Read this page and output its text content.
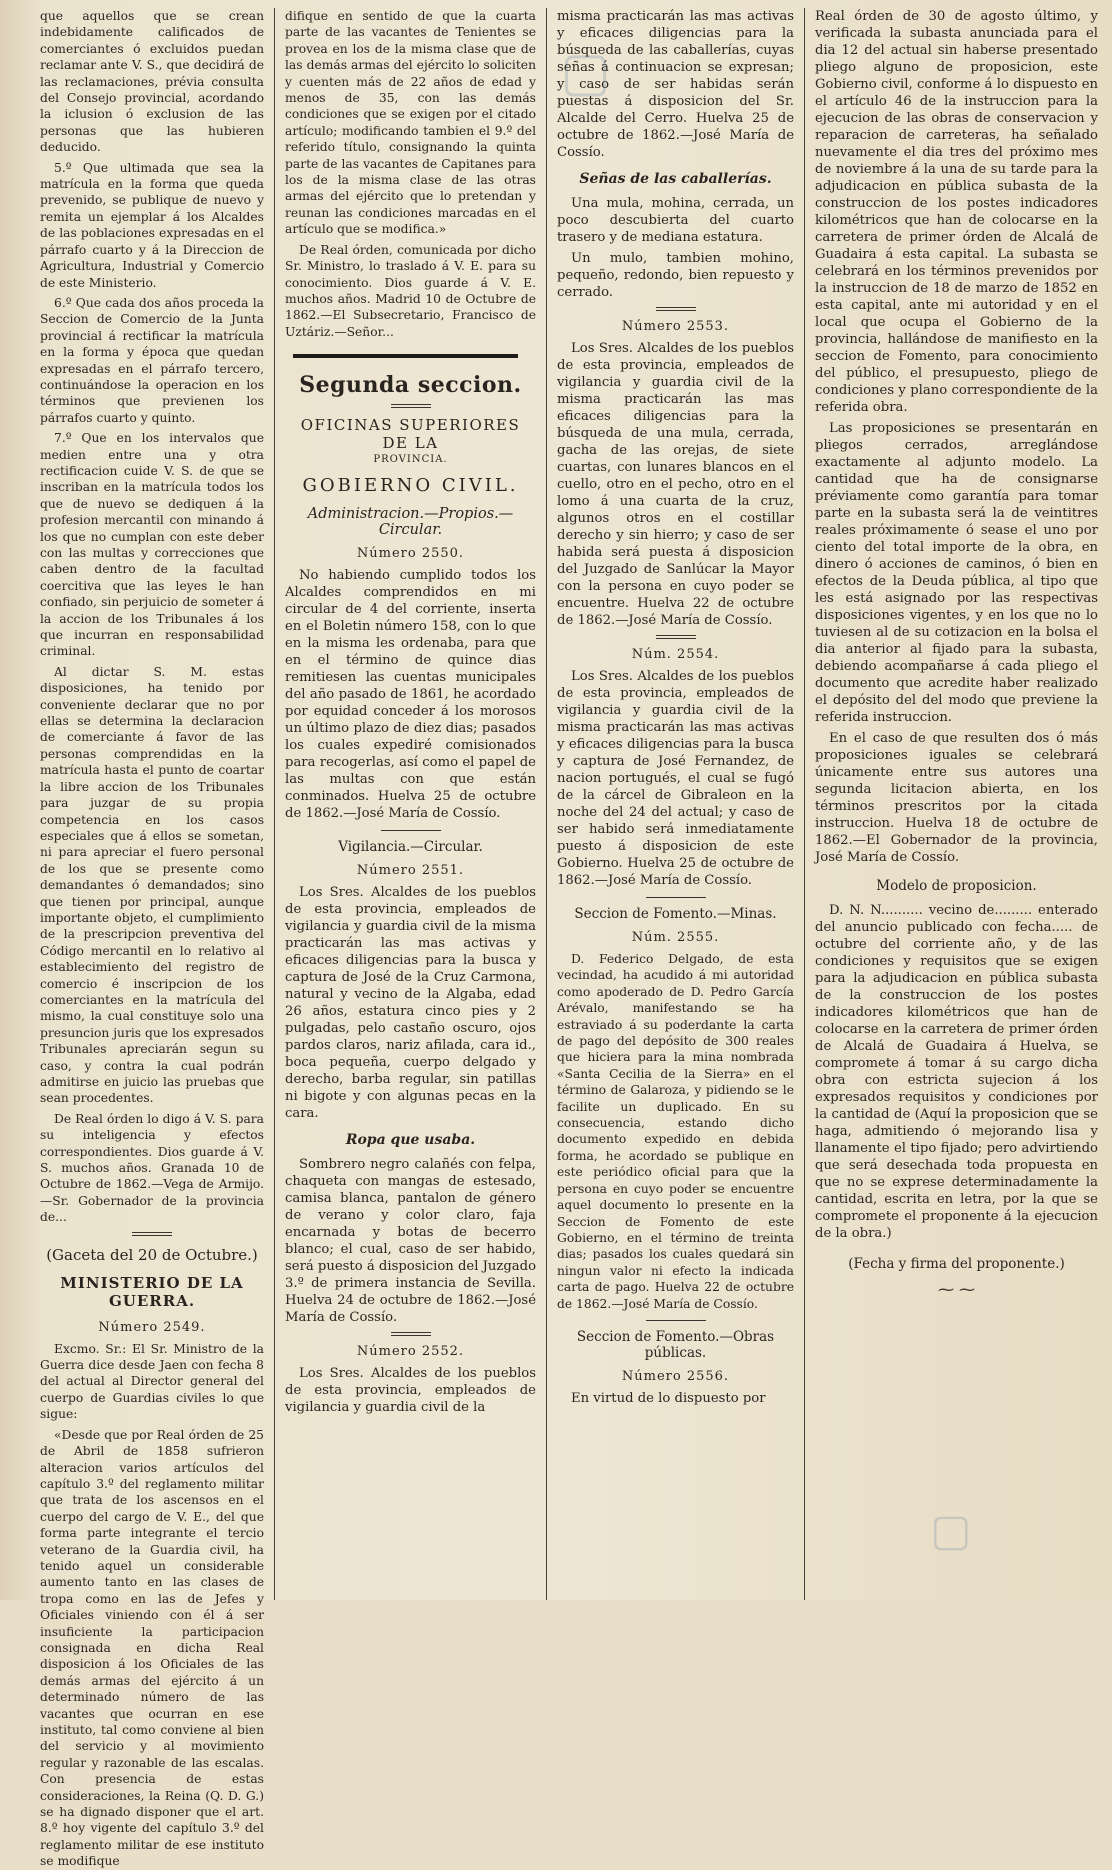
▢
▢

que aquellos que se crean indebidamente calificados de comerciantes ó excluidos puedan reclamar ante V. S., que decidirá de las reclamaciones, prévia consulta del Consejo provincial, acordando la iclusion ó exclusion de las personas que las hubieren deducido.

5.º Que ultimada que sea la matrícula en la forma que queda prevenido, se publique de nuevo y remita un ejemplar á los Alcaldes de las poblaciones expresadas en el párrafo cuarto y á la Direccion de Agricultura, Industrial y Comercio de este Ministerio.

6.º Que cada dos años proceda la Seccion de Comercio de la Junta provincial á rectificar la matrícula en la forma y época que quedan expresadas en el párrafo tercero, continuándose la operacion en los términos que previenen los párrafos cuarto y quinto.

7.º Que en los intervalos que medien entre una y otra rectificacion cuide V. S. de que se inscriban en la matrícula todos los que de nuevo se dediquen á la profesion mercantil con minando á los que no cumplan con este deber con las multas y correcciones que caben dentro de la facultad coercitiva que las leyes le han confiado, sin perjuicio de someter á la accion de los Tribunales á los que incurran en responsabilidad criminal.

Al dictar S. M. estas disposiciones, ha tenido por conveniente declarar que no por ellas se determina la declaracion de comerciante á favor de las personas comprendidas en la matrícula hasta el punto de coartar la libre accion de los Tribunales para juzgar de su propia competencia en los casos especiales que á ellos se sometan, ni para apreciar el fuero personal de los que se presente como demandantes ó demandados; sino que tienen por principal, aunque importante objeto, el cumplimiento de la prescripcion preventiva del Código mercantil en lo relativo al establecimiento del registro de comercio é inscripcion de los comerciantes en la matrícula del mismo, la cual constituye solo una presuncion juris que los expresados Tribunales apreciarán segun su caso, y contra la cual podrán admitirse en juicio las pruebas que sean procedentes.

De Real órden lo digo á V. S. para su inteligencia y efectos correspondientes. Dios guarde á V. S. muchos años. Granada 10 de Octubre de 1862.—Vega de Armijo.—Sr. Gobernador de la provincia de...

(Gaceta del 20 de Octubre.)
MINISTERIO DE LA GUERRA.
Número 2549.

Excmo. Sr.: El Sr. Ministro de la Guerra dice desde Jaen con fecha 8 del actual al Director general del cuerpo de Guardias civiles lo que sigue:

«Desde que por Real órden de 25 de Abril de 1858 sufrieron alteracion varios artículos del capítulo 3.º del reglamento militar que trata de los ascensos en el cuerpo del cargo de V. E., del que forma parte integrante el tercio veterano de la Guardia civil, ha tenido aquel un considerable aumento tanto en las clases de tropa como en las de Jefes y Oficiales viniendo con él á ser insuficiente la participacion consignada en dicha Real disposicion á los Oficiales de las demás armas del ejército á un determinado número de las vacantes que ocurran en ese instituto, tal como conviene al bien del servicio y al movimiento regular y razonable de las escalas. Con presencia de estas consideraciones, la Reina (Q. D. G.) se ha dignado disponer que el art. 8.º hoy vigente del capítulo 3.º del reglamento militar de ese instituto se modifique

difique en sentido de que la cuarta parte de las vacantes de Tenientes se provea en los de la misma clase que de las demás armas del ejército lo soliciten y cuenten más de 22 años de edad y menos de 35, con las demás condiciones que se exigen por el citado artículo; modificando tambien el 9.º del referido título, consignando la quinta parte de las vacantes de Capitanes para los de la misma clase de las otras armas del ejército que lo pretendan y reunan las condiciones marcadas en el artículo que se modifica.»

De Real órden, comunicada por dicho Sr. Ministro, lo traslado á V. E. para su conocimiento. Dios guarde á V. E. muchos años. Madrid 10 de Octubre de 1862.—El Subsecretario, Francisco de Uztáriz.—Señor...

Segunda seccion.
OFICINAS SUPERIORES DE LA
PROVINCIA.
GOBIERNO CIVIL.
Administracion.—Propios.—Circular.
Número 2550.

No habiendo cumplido todos los Alcaldes comprendidos en mi circular de 4 del corriente, inserta en el Boletin número 158, con lo que en la misma les ordenaba, para que en el término de quince dias remitiesen las cuentas municipales del año pasado de 1861, he acordado por equidad conceder á los morosos un último plazo de diez dias; pasados los cuales expediré comisionados para recogerlas, así como el papel de las multas con que están conminados. Huelva 25 de octubre de 1862.—José María de Cossío.

Vigilancia.—Circular.
Número 2551.

Los Sres. Alcaldes de los pueblos de esta provincia, empleados de vigilancia y guardia civil de la misma practicarán las mas activas y eficaces diligencias para la busca y captura de José de la Cruz Carmona, natural y vecino de la Algaba, edad 26 años, estatura cinco pies y 2 pulgadas, pelo castaño oscuro, ojos pardos claros, nariz afilada, cara id., boca pequeña, cuerpo delgado y derecho, barba regular, sin patillas ni bigote y con algunas pecas en la cara.

Ropa que usaba.

Sombrero negro calañés con felpa, chaqueta con mangas de estesado, camisa blanca, pantalon de género de verano y color claro, faja encarnada y botas de becerro blanco; el cual, caso de ser habido, será puesto á disposicion del Juzgado 3.º de primera instancia de Sevilla. Huelva 24 de octubre de 1862.—José María de Cossío.

Número 2552.

Los Sres. Alcaldes de los pueblos de esta provincia, empleados de vigilancia y guardia civil de la

misma practicarán las mas activas y eficaces diligencias para la búsqueda de las caballerías, cuyas señas á continuacion se expresan; y caso de ser habidas serán puestas á disposicion del Sr. Alcalde del Cerro. Huelva 25 de octubre de 1862.—José María de Cossío.

Señas de las caballerías.

Una mula, mohina, cerrada, un poco descubierta del cuarto trasero y de mediana estatura.

Un mulo, tambien mohino, pequeño, redondo, bien repuesto y cerrado.

Número 2553.

Los Sres. Alcaldes de los pueblos de esta provincia, empleados de vigilancia y guardia civil de la misma practicarán las mas eficaces diligencias para la búsqueda de una mula, cerrada, gacha de las orejas, de siete cuartas, con lunares blancos en el cuello, otro en el pecho, otro en el lomo á una cuarta de la cruz, algunos otros en el costillar derecho y sin hierro; y caso de ser habida será puesta á disposicion del Juzgado de Sanlúcar la Mayor con la persona en cuyo poder se encuentre. Huelva 22 de octubre de 1862.—José María de Cossío.

Núm. 2554.

Los Sres. Alcaldes de los pueblos de esta provincia, empleados de vigilancia y guardia civil de la misma practicarán las mas activas y eficaces diligencias para la busca y captura de José Fernandez, de nacion portugués, el cual se fugó de la cárcel de Gibraleon en la noche del 24 del actual; y caso de ser habido será inmediatamente puesto á disposicion de este Gobierno. Huelva 25 de octubre de 1862.—José María de Cossío.

Seccion de Fomento.—Minas.
Núm. 2555.

D. Federico Delgado, de esta vecindad, ha acudido á mi autoridad como apoderado de D. Pedro García Arévalo, manifestando se ha estraviado á su poderdante la carta de pago del depósito de 300 reales que hiciera para la mina nombrada «Santa Cecilia de la Sierra» en el término de Galaroza, y pidiendo se le facilite un duplicado. En su consecuencia, estando dicho documento expedido en debida forma, he acordado se publique en este periódico oficial para que la persona en cuyo poder se encuentre aquel documento lo presente en la Seccion de Fomento de este Gobierno, en el término de treinta dias; pasados los cuales quedará sin ningun valor ni efecto la indicada carta de pago. Huelva 22 de octubre de 1862.—José María de Cossío.

Seccion de Fomento.—Obras públicas.
Número 2556.

En virtud de lo dispuesto por

Real órden de 30 de agosto último, y verificada la subasta anunciada para el dia 12 del actual sin haberse presentado pliego alguno de proposicion, este Gobierno civil, conforme á lo dispuesto en el artículo 46 de la instruccion para la ejecucion de las obras de conservacion y reparacion de carreteras, ha señalado nuevamente el dia tres del próximo mes de noviembre á la una de su tarde para la adjudicacion en pública subasta de la construccion de los postes indicadores kilométricos que han de colocarse en la carretera de primer órden de Alcalá de Guadaira á esta capital. La subasta se celebrará en los términos prevenidos por la instruccion de 18 de marzo de 1852 en esta capital, ante mi autoridad y en el local que ocupa el Gobierno de la provincia, hallándose de manifiesto en la seccion de Fomento, para conocimiento del público, el presupuesto, pliego de condiciones y plano correspondiente de la referida obra.

Las proposiciones se presentarán en pliegos cerrados, arreglándose exactamente al adjunto modelo. La cantidad que ha de consignarse préviamente como garantía para tomar parte en la subasta será la de veintitres reales próximamente ó sease el uno por ciento del total importe de la obra, en dinero ó acciones de caminos, ó bien en efectos de la Deuda pública, al tipo que les está asignado por las respectivas disposiciones vigentes, y en los que no lo tuviesen al de su cotizacion en la bolsa el dia anterior al fijado para la subasta, debiendo acompañarse á cada pliego el documento que acredite haber realizado el depósito del del modo que previene la referida instruccion.

En el caso de que resulten dos ó más proposiciones iguales se celebrará únicamente entre sus autores una segunda licitacion abierta, en los términos prescritos por la citada instruccion. Huelva 18 de octubre de 1862.—El Gobernador de la provincia, José María de Cossío.

Modelo de proposicion.

D. N. N.......... vecino de......... enterado del anuncio publicado con fecha..... de octubre del corriente año, y de las condiciones y requisitos que se exigen para la adjudicacion en pública subasta de la construccion de los postes indicadores kilométricos que han de colocarse en la carretera de primer órden de Alcalá de Guadaira á Huelva, se compromete á tomar á su cargo dicha obra con estricta sujecion á los expresados requisitos y condiciones por la cantidad de (Aquí la proposicion que se haga, admitiendo ó mejorando lisa y llanamente el tipo fijado; pero advirtiendo que será desechada toda propuesta en que no se exprese determinadamente la cantidad, escrita en letra, por la que se compromete el proponente á la ejecucion de la obra.)

(Fecha y firma del proponente.)
⁓ ⁓
